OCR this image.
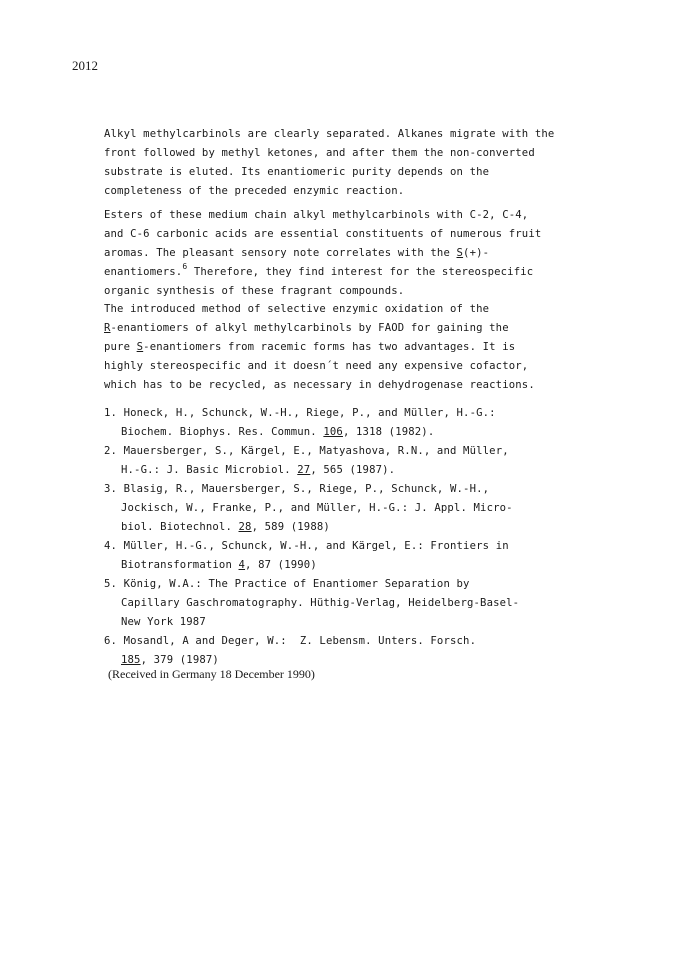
2012
Alkyl methylcarbinols are clearly separated. Alkanes migrate with the
front followed by methyl ketones, and after them the non-converted
substrate is eluted. Its enantiomeric purity depends on the
completeness of the preceded enzymic reaction.
Esters of these medium chain alkyl methylcarbinols with C-2, C-4,
and C-6 carbonic acids are essential constituents of numerous fruit
aromas. The pleasant sensory note correlates with the S(+)-
enantiomers.$^6$ Therefore, they find interest for the stereospecific
organic synthesis of these fragrant compounds.
The introduced method of selective enzymic oxidation of the
R-enantiomers of alkyl methylcarbinols by FAOD for gaining the
pure S-enantiomers from racemic forms has two advantages. It is
highly stereospecific and it doesn´t need any expensive cofactor,
which has to be recycled, as necessary in dehydrogenase reactions.
1. Honeck, H., Schunck, W.-H., Riege, P., and Müller, H.-G.:
Biochem. Biophys. Res. Commun. 106, 1318 (1982).
2. Mauersberger, S., Kärgel, E., Matyashova, R.N., and Müller,
H.-G.: J. Basic Microbiol. 27, 565 (1987).
3. Blasig, R., Mauersberger, S., Riege, P., Schunck, W.-H.,
Jockisch, W., Franke, P., and Müller, H.-G.: J. Appl. Micro-
biol. Biotechnol. 28, 589 (1988)
4. Müller, H.-G., Schunck, W.-H., and Kärgel, E.: Frontiers in
Biotransformation 4, 87 (1990)
5. König, W.A.: The Practice of Enantiomer Separation by
Capillary Gaschromatography. Hüthig-Verlag, Heidelberg-Basel-
New York 1987
6. Mosandl, A and Deger, W.:  Z. Lebensm. Unters. Forsch.
185, 379 (1987)
(Received in Germany 18 December 1990)
